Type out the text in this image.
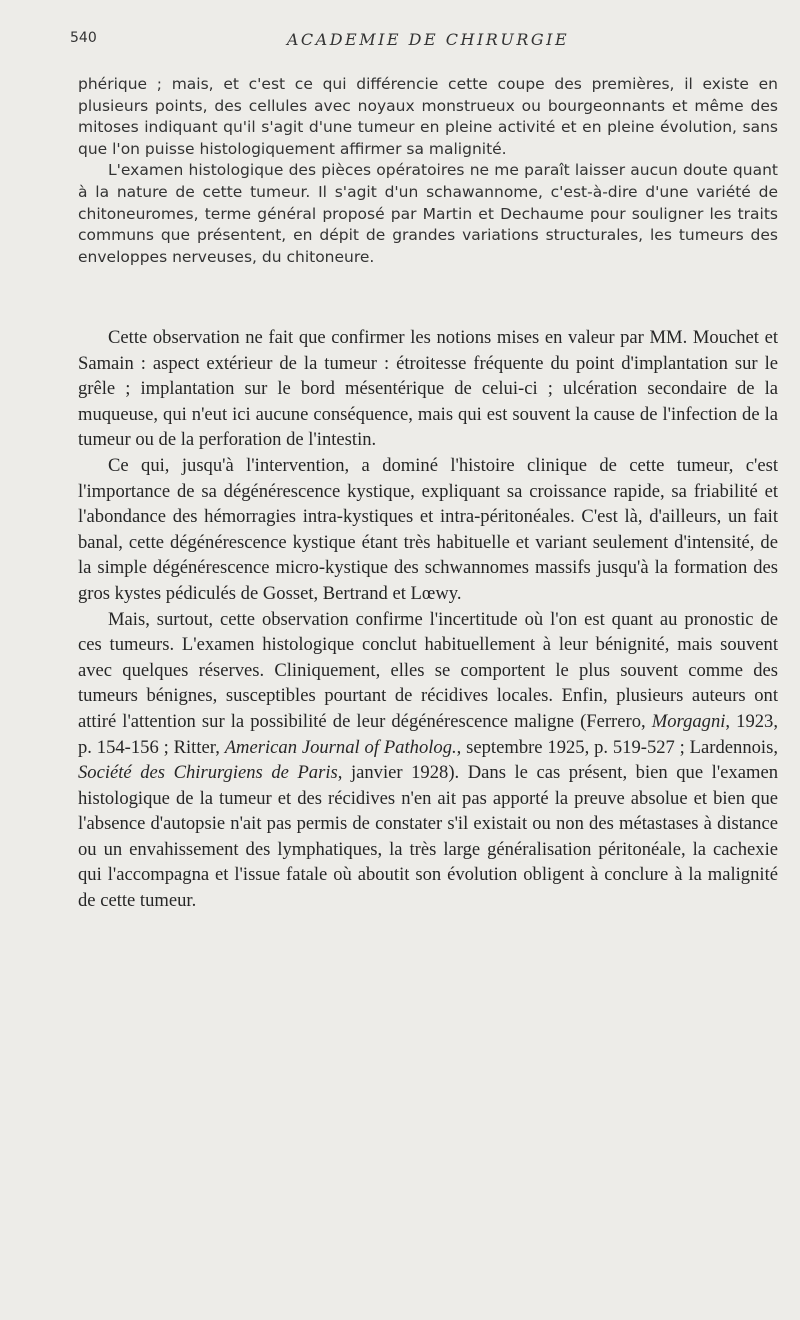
540	ACADEMIE DE CHIRURGIE

phérique ; mais, et c'est ce qui différencie cette coupe des premières, il existe en plusieurs points, des cellules avec noyaux monstrueux ou bourgeonnants et même des mitoses indiquant qu'il s'agit d'une tumeur en pleine activité et en pleine évolution, sans que l'on puisse histologiquement affirmer sa malignité.

L'examen histologique des pièces opératoires ne me paraît laisser aucun doute quant à la nature de cette tumeur. Il s'agit d'un schawannome, c'est-à-dire d'une variété de chitoneuromes, terme général proposé par Martin et Dechaume pour souligner les traits communs que présentent, en dépit de grandes variations structurales, les tumeurs des enveloppes nerveuses, du chitoneure.

Cette observation ne fait que confirmer les notions mises en valeur par MM. Mouchet et Samain : aspect extérieur de la tumeur : étroitesse fréquente du point d'implantation sur le grêle ; implantation sur le bord mésentérique de celui-ci ; ulcération secondaire de la muqueuse, qui n'eut ici aucune conséquence, mais qui est souvent la cause de l'infection de la tumeur ou de la perforation de l'intestin.

Ce qui, jusqu'à l'intervention, a dominé l'histoire clinique de cette tumeur, c'est l'importance de sa dégénérescence kystique, expliquant sa croissance rapide, sa friabilité et l'abondance des hémorragies intra-kystiques et intra-péritonéales. C'est là, d'ailleurs, un fait banal, cette dégénérescence kystique étant très habituelle et variant seulement d'intensité, de la simple dégénérescence micro-kystique des schwannomes massifs jusqu'à la formation des gros kystes pédiculés de Gosset, Bertrand et Lœwy.

Mais, surtout, cette observation confirme l'incertitude où l'on est quant au pronostic de ces tumeurs. L'examen histologique conclut habituellement à leur bénignité, mais souvent avec quelques réserves. Cliniquement, elles se comportent le plus souvent comme des tumeurs bénignes, susceptibles pourtant de récidives locales. Enfin, plusieurs auteurs ont attiré l'attention sur la possibilité de leur dégénérescence maligne (Ferrero, Morgagni, 1923, p. 154-156 ; Ritter, American Journal of Patholog., septembre 1925, p. 519-527 ; Lardennois, Société des Chirurgiens de Paris, janvier 1928). Dans le cas présent, bien que l'examen histologique de la tumeur et des récidives n'en ait pas apporté la preuve absolue et bien que l'absence d'autopsie n'ait pas permis de constater s'il existait ou non des métastases à distance ou un envahissement des lymphatiques, la très large généralisation péritonéale, la cachexie qui l'accompagna et l'issue fatale où aboutit son évolution obligent à conclure à la malignité de cette tumeur.
